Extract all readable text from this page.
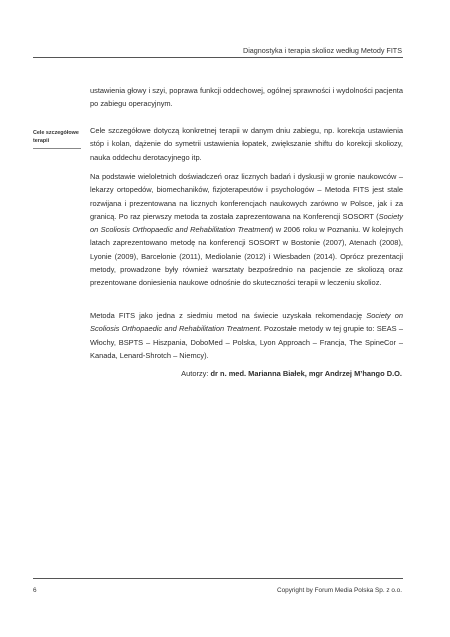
Diagnostyka i terapia skolioz według Metody FITS

ustawienia głowy i szyi, poprawa funkcji oddechowej, ogólnej sprawności i wydolności pacjenta po zabiegu operacyjnym.

Cele szczegółowe terapii

Cele szczegółowe dotyczą konkretnej terapii w danym dniu zabiegu, np. korekcja ustawienia stóp i kolan, dążenie do symetrii ustawienia łopatek, zwiększanie shiftu do korekcji skoliozy, nauka oddechu derotacyjnego itp.

Na podstawie wieloletnich doświadczeń oraz licznych badań i dyskusji w gronie naukowców – lekarzy ortopedów, biomechaników, fizjoterapeutów i psychologów – Metoda FITS jest stale rozwijana i prezentowana na licznych konferencjach naukowych zarówno w Polsce, jak i za granicą. Po raz pierwszy metoda ta została zaprezentowana na Konferencji SOSORT (Society on Scoliosis Orthopaedic and Rehabilitation Treatment) w 2006 roku w Poznaniu. W kolejnych latach zaprezentowano metodę na konferencji SOSORT w Bostonie (2007), Atenach (2008), Lyonie (2009), Barcelonie (2011), Mediolanie (2012) i Wiesbaden (2014). Oprócz prezentacji metody, prowadzone były również warsztaty bezpośrednio na pacjencie ze skoliozą oraz prezentowane doniesienia naukowe odnośnie do skuteczności terapii w leczeniu skolioz.

Metoda FITS jako jedna z siedmiu metod na świecie uzyskała rekomendację Society on Scoliosis Orthopaedic and Rehabilitation Treatment. Pozostałe metody w tej grupie to: SEAS – Włochy, BSPTS – Hiszpania, DoboMed – Polska, Lyon Approach – Francja, The SpineCor – Kanada, Lenard-Shrotch – Niemcy).

Autorzy: dr n. med. Marianna Białek, mgr Andrzej M’hango D.O.
6	Copyright by Forum Media Polska Sp. z o.o.
